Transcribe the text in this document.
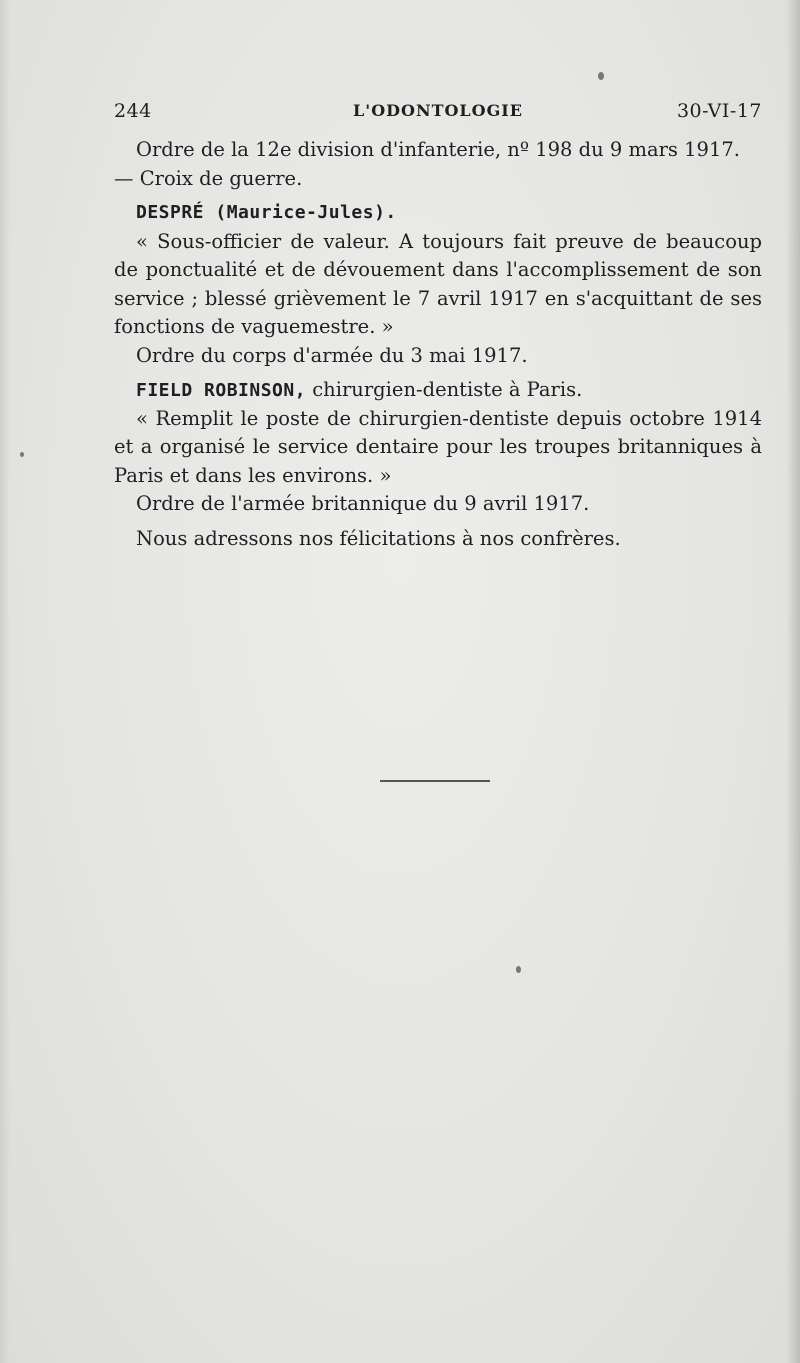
244	L'ODONTOLOGIE	30-VI-17
Ordre de la 12e division d'infanterie, nº 198 du 9 mars 1917.
— Croix de guerre.
DESPRÉ (Maurice-Jules).
« Sous-officier de valeur. A toujours fait preuve de beaucoup
de ponctualité et de dévouement dans l'accomplissement de son
service ; blessé grièvement le 7 avril 1917 en s'acquittant de ses
fonctions de vaguemestre. »
Ordre du corps d'armée du 3 mai 1917.
FIELD ROBINSON, chirurgien-dentiste à Paris.
« Remplit le poste de chirurgien-dentiste depuis octobre 1914
et a organisé le service dentaire pour les troupes britanniques à
Paris et dans les environs. »
Ordre de l'armée britannique du 9 avril 1917.
Nous adressons nos félicitations à nos confrères.
